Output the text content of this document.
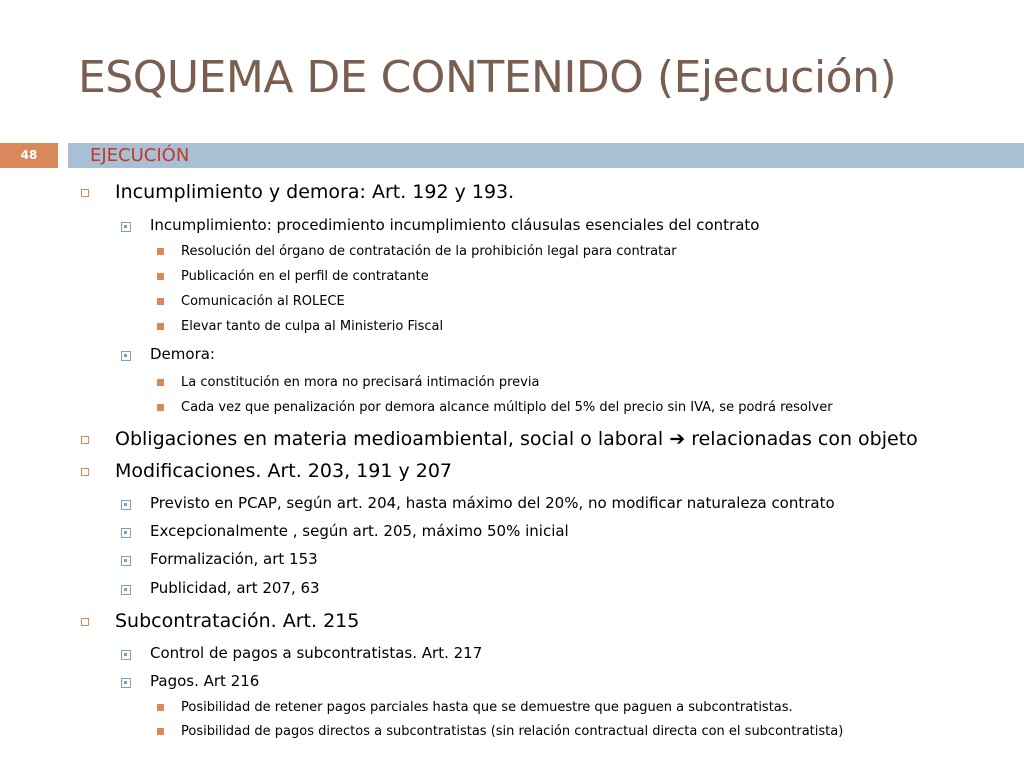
ESQUEMA DE CONTENIDO (Ejecución)
48	EJECUCIÓN
Incumplimiento y demora: Art. 192 y 193.
Incumplimiento: procedimiento incumplimiento cláusulas esenciales del contrato
Resolución del órgano de contratación de la prohibición legal para contratar
Publicación en el perfil de contratante
Comunicación al ROLECE
Elevar tanto de culpa al Ministerio Fiscal
Demora:
La constitución en mora no precisará intimación previa
Cada vez que penalización por demora alcance múltiplo del 5% del precio sin IVA, se podrá resolver
Obligaciones en materia medioambiental, social o laboral ➔ relacionadas con objeto
Modificaciones. Art. 203, 191 y 207
Previsto en PCAP, según art. 204, hasta máximo del 20%, no modificar naturaleza contrato
Excepcionalmente , según art. 205, máximo 50% inicial
Formalización, art 153
Publicidad, art 207, 63
Subcontratación. Art. 215
Control de pagos a subcontratistas. Art. 217
Pagos. Art 216
Posibilidad de retener pagos parciales hasta que se demuestre que paguen a subcontratistas.
Posibilidad de pagos directos a subcontratistas (sin relación contractual directa con el subcontratista)
